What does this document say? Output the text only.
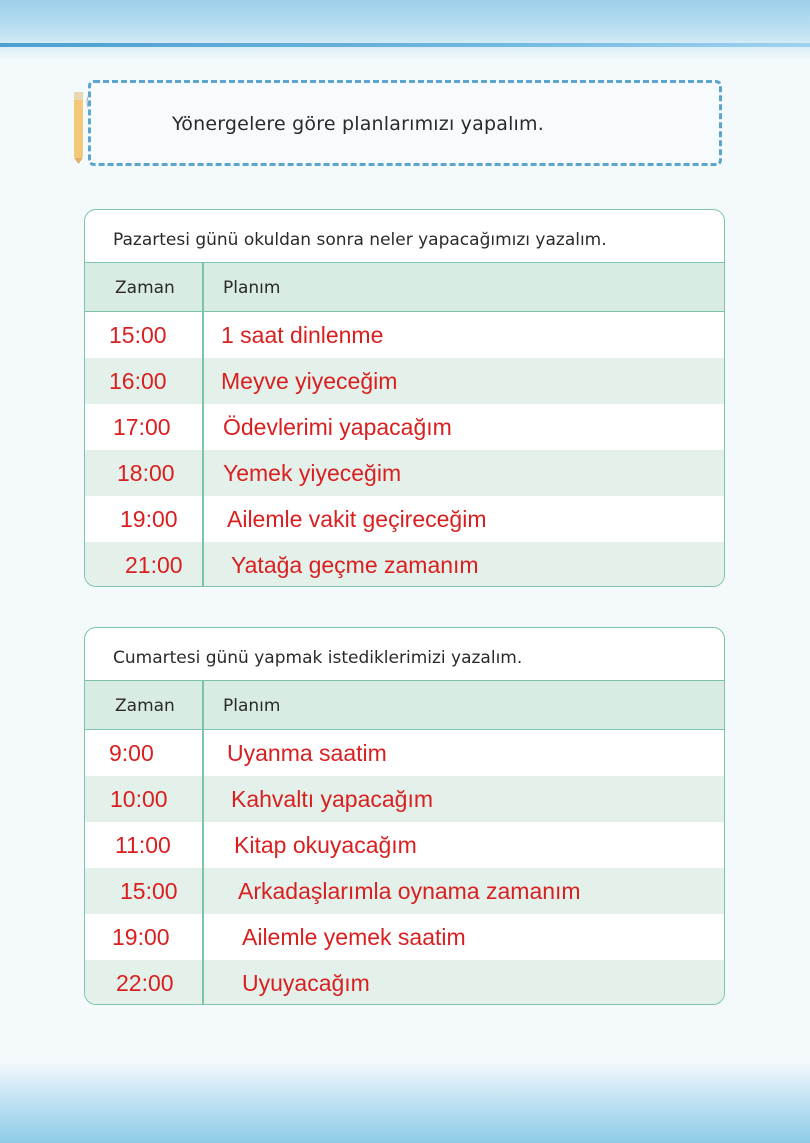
Yönergelere göre planlarımızı yapalım.
Pazartesi günü okuldan sonra neler yapacağımızı yazalım.
Zaman	Planım
15:00 1 saat dinlenme
16:00 Meyve yiyeceğim
17:00 Ödevlerimi yapacağım
18:00 Yemek yiyeceğim
19:00 Ailemle vakit geçireceğim
21:00 Yatağa geçme zamanım
Cumartesi günü yapmak istediklerimizi yazalım.
Zaman	Planım
9:00	Uyanma saatim
10:00	Kahvaltı yapacağım
11:00	Kitap okuyacağım
15:00	Arkadaşlarımla oynama zamanım
19:00	Ailemle yemek saatim
22:00	Uyuyacağım
